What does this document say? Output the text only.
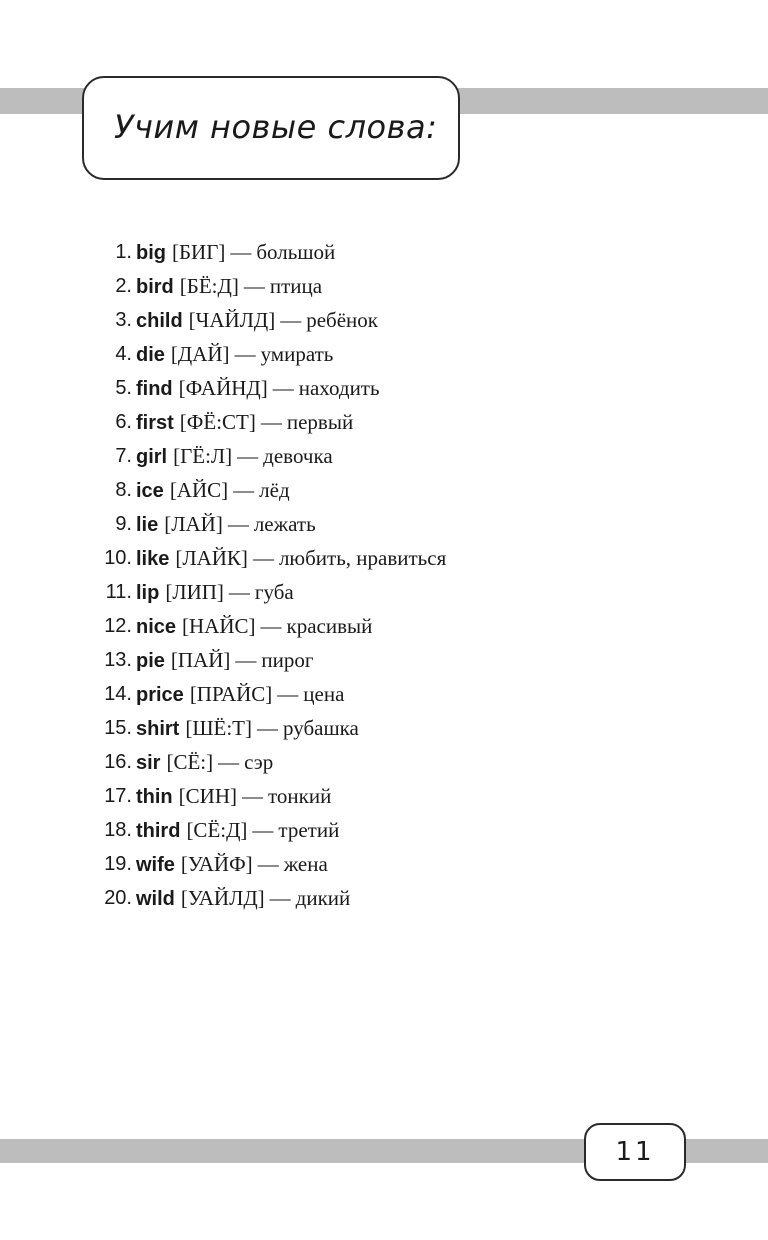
Учим новые слова:
1. big [БИГ] — большой
2. bird [БЁ:Д] — птица
3. child [ЧАЙЛД] — ребёнок
4. die [ДАЙ] — умирать
5. find [ФАЙНД] — находить
6. first [ФЁ:СТ] — первый
7. girl [ГЁ:Л] — девочка
8. ice [АЙС] — лёд
9. lie [ЛАЙ] — лежать
10. like [ЛАЙК] — любить, нравиться
11. lip [ЛИП] — губа
12. nice [НАЙС] — красивый
13. pie [ПАЙ] — пирог
14. price [ПРАЙС] — цена
15. shirt [ШЁ:Т] — рубашка
16. sir [СЁ:] — сэр
17. thin [СИН] — тонкий
18. third [СЁ:Д] — третий
19. wife [УАЙФ] — жена
20. wild [УАЙЛД] — дикий
11
